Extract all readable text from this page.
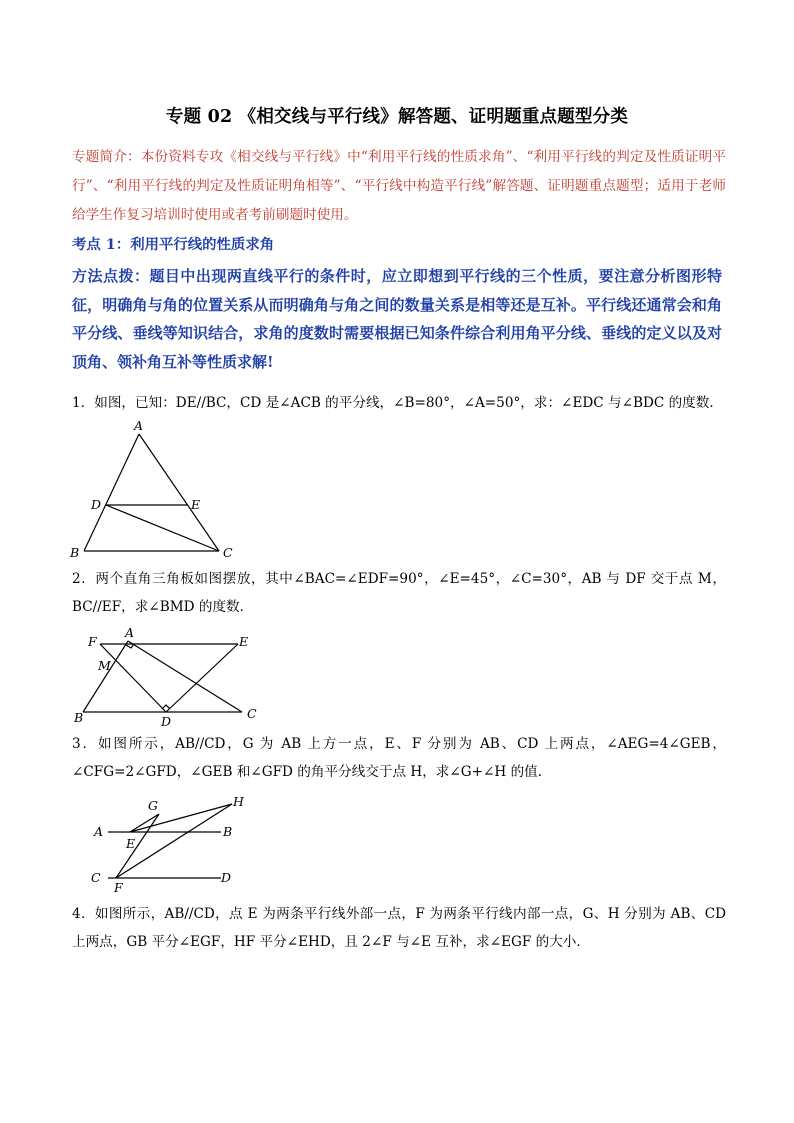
专题 02 《相交线与平行线》解答题、证明题重点题型分类
专题简介：本份资料专攻《相交线与平行线》中“利用平行线的性质求角”、“利用平行线的判定及性质证明平行”、“利用平行线的判定及性质证明角相等”、“平行线中构造平行线”解答题、证明题重点题型；适用于老师给学生作复习培训时使用或者考前刷题时使用。
考点 1：利用平行线的性质求角
方法点拨：题目中出现两直线平行的条件时，应立即想到平行线的三个性质，要注意分析图形特征，明确角与角的位置关系从而明确角与角之间的数量关系是相等还是互补。平行线还通常会和角平分线、垂线等知识结合，求角的度数时需要根据已知条件综合利用角平分线、垂线的定义以及对顶角、领补角互补等性质求解!
1．如图，已知：DE//BC，CD 是∠ACB 的平分线，∠B=80°，∠A=50°，求：∠EDC 与∠BDC 的度数．
A
B	C
D	E
2．两个直角三角板如图摆放，其中∠BAC=∠EDF=90°，∠E=45°，∠C=30°，AB 与 DF 交于点 M，BC//EF，求∠BMD 的度数．
F
A
E
M
B	D
C
3．如图所示，AB//CD，G 为 AB 上方一点，E、F 分别为 AB、CD 上两点，∠AEG=4∠GEB，∠CFG=2∠GFD，∠GEB 和∠GFD 的角平分线交于点 H，求∠G+∠H 的值．
G	H
A	B
E
C
F
D
4．如图所示，AB//CD，点 E 为两条平行线外部一点，F 为两条平行线内部一点，G、H 分别为 AB、CD 上两点，GB 平分∠EGF，HF 平分∠EHD，且 2∠F 与∠E 互补，求∠EGF 的大小．
